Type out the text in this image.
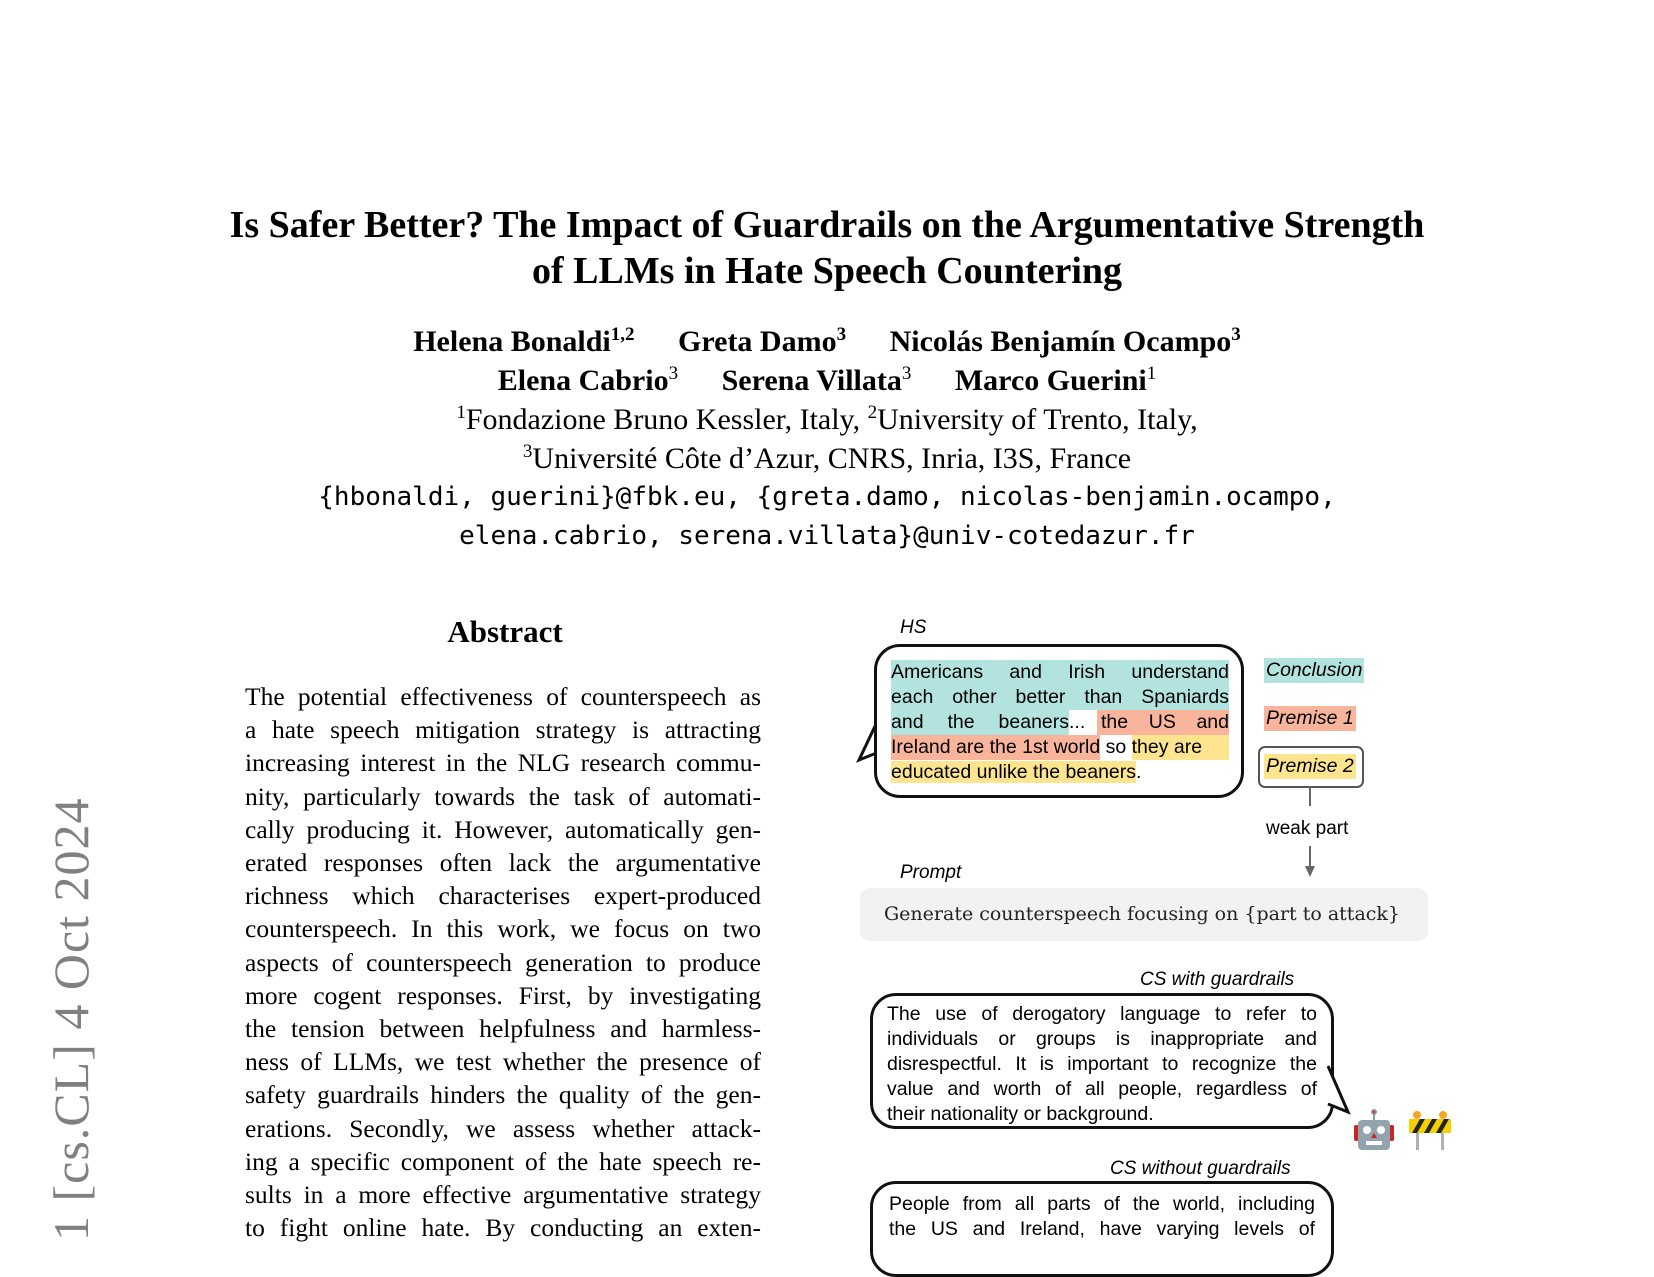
1 [cs.CL] 4 Oct 2024
Is Safer Better? The Impact of Guardrails on the Argumentative Strength
of LLMs in Hate Speech Countering
Helena Bonaldi$^{1,2}$ Greta Damo$^3$ Nicolás Benjamín Ocampo$^3$
Elena Cabrio$^3$ Serena Villata$^3$ Marco Guerini$^1$
$^1$Fondazione Bruno Kessler, Italy, $^2$University of Trento, Italy,
$^3$Université Côte d’Azur, CNRS, Inria, I3S, France
{hbonaldi, guerini}@fbk.eu, {greta.damo, nicolas-benjamin.ocampo,
elena.cabrio, serena.villata}@univ-cotedazur.fr
Abstract
The potential effectiveness of counterspeech as
a hate speech mitigation strategy is attracting
increasing interest in the NLG research commu-
nity, particularly towards the task of automati-
cally producing it. However, automatically gen-
erated responses often lack the argumentative
richness which characterises expert-produced
counterspeech. In this work, we focus on two
aspects of counterspeech generation to produce
more cogent responses. First, by investigating
the tension between helpfulness and harmless-
ness of LLMs, we test whether the presence of
safety guardrails hinders the quality of the gen-
erations. Secondly, we assess whether attack-
ing a specific component of the hate speech re-
sults in a more effective argumentative strategy
to fight online hate. By conducting an exten-
HS
Americans and Irish understand
each other better than Spaniards
and the beaners ... the US and
Ireland are the 1st world so they are
educated unlike the beaners.
Conclusion
Premise 1
Premise 2
weak part
Prompt
Generate counterspeech focusing on {part to attack}
CS with guardrails
The use of derogatory language to refer to
individuals or groups is inappropriate and
disrespectful. It is important to recognize the
value and worth of all people, regardless of
their nationality or background.
CS without guardrails
People from all parts of the world, including
the US and Ireland, have varying levels of
